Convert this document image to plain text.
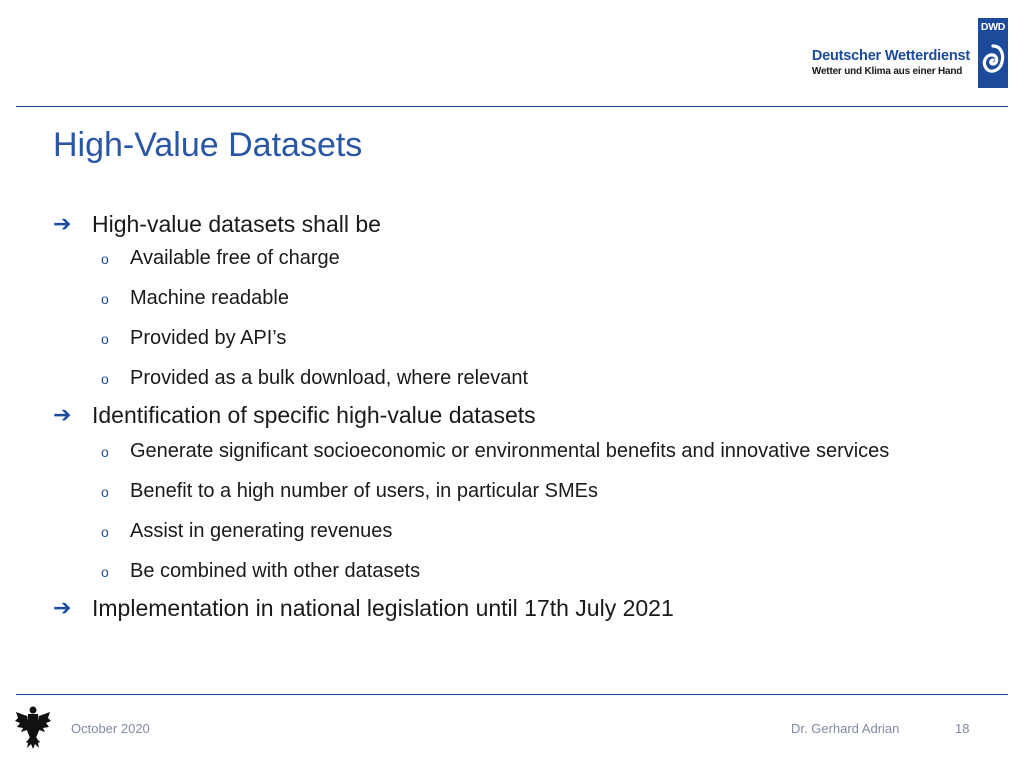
Deutscher Wetterdienst
Wetter und Klima aus einer Hand
DWD
High-Value Datasets
➔ High-value datasets shall be
o	Available free of charge
o	Machine readable
o	Provided by API’s
o	Provided as a bulk download, where relevant
➔ Identification of specific high-value datasets
o	Generate significant socioeconomic or environmental benefits and innovative services
o	Benefit to a high number of users, in particular SMEs
o	Assist in generating revenues
o	Be combined with other datasets
➔ Implementation in national legislation until 17th July 2021
October 2020	Dr. Gerhard Adrian	18
